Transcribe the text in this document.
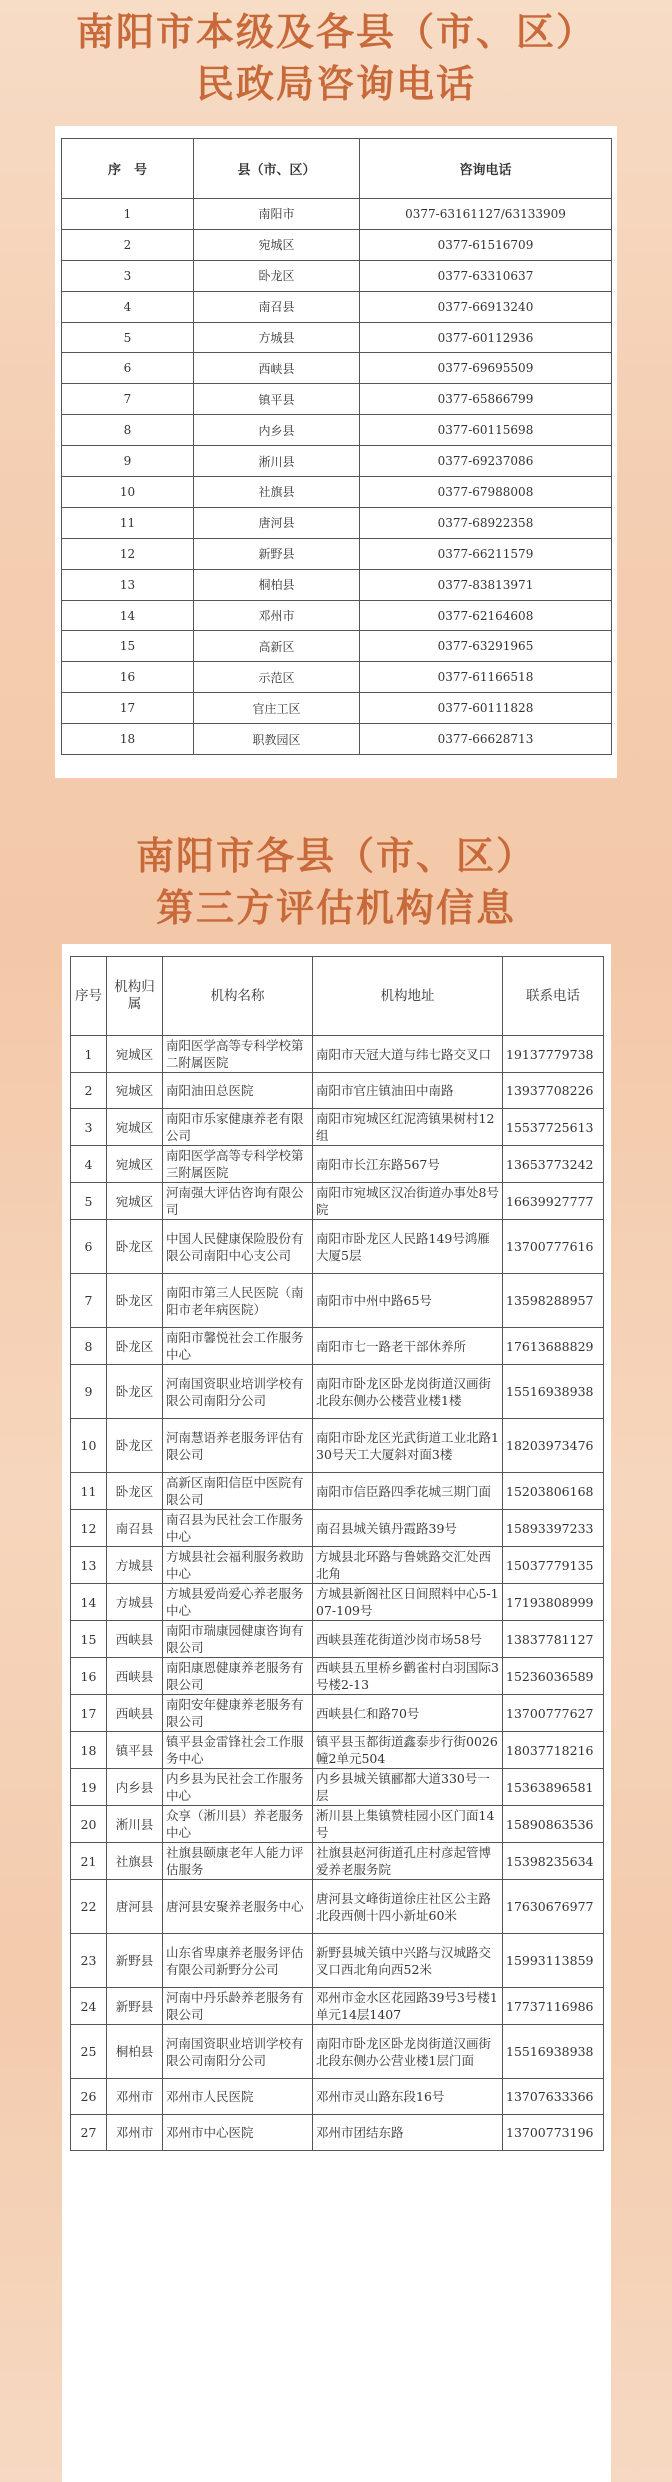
南阳市本级及各县（市、区）
民政局咨询电话
序　号	县（市、区）	咨询电话
1	南阳市	0377-63161127/63133909
2	宛城区	0377-61516709
3	卧龙区	0377-63310637
4	南召县	0377-66913240
5	方城县	0377-60112936
6	西峡县	0377-69695509
7	镇平县	0377-65866799
8	内乡县	0377-60115698
9	淅川县	0377-69237086
10	社旗县	0377-67988008
11	唐河县	0377-68922358
12	新野县	0377-66211579
13	桐柏县	0377-83813971
14	邓州市	0377-62164608
15	高新区	0377-63291965
16	示范区	0377-61166518
17	官庄工区	0377-60111828
18	职教园区	0377-66628713
南阳市各县（市、区）
第三方评估机构信息
序号	机构归属	机构名称	机构地址	联系电话
1	宛城区	南阳医学高等专科学校第二附属医院	南阳市天冠大道与纬七路交叉口	19137779738
2	宛城区	南阳油田总医院	南阳市官庄镇油田中南路	13937708226
3	宛城区	南阳市乐家健康养老有限公司	南阳市宛城区红泥湾镇果树村12组	15537725613
4	宛城区	南阳医学高等专科学校第三附属医院	南阳市长江东路567号	13653773242
5	宛城区	河南强大评估咨询有限公司	南阳市宛城区汉冶街道办事处8号院	16639927777
6	卧龙区	中国人民健康保险股份有限公司南阳中心支公司	南阳市卧龙区人民路149号鸿雁大厦5层	13700777616
7	卧龙区	南阳市第三人民医院（南阳市老年病医院）	南阳市中州中路65号	13598288957
8	卧龙区	南阳市馨悦社会工作服务中心	南阳市七一路老干部休养所	17613688829
9	卧龙区	河南国资职业培训学校有限公司南阳分公司	南阳市卧龙区卧龙岗街道汉画街北段东侧办公楼营业楼1楼	15516938938
10	卧龙区	河南慧语养老服务评估有限公司	南阳市卧龙区光武街道工业北路130号天工大厦斜对面3楼	18203973476
11	卧龙区	高新区南阳信臣中医院有限公司	南阳市信臣路四季花城三期门面	15203806168
12	南召县	南召县为民社会工作服务中心	南召县城关镇丹霞路39号	15893397233
13	方城县	方城县社会福利服务救助中心	方城县北环路与鲁姚路交汇处西北角	15037779135
14	方城县	方城县爱尚爱心养老服务中心	方城县新阁社区日间照料中心5-107-109号	17193808999
15	西峡县	南阳市瑞康园健康咨询有限公司	西峡县莲花街道沙岗市场58号	13837781127
16	西峡县	南阳康恩健康养老服务有限公司	西峡县五里桥乡鹳雀村白羽国际3号楼2-13	15236036589
17	西峡县	南阳安年健康养老服务有限公司	西峡县仁和路70号	13700777627
18	镇平县	镇平县金雷锋社会工作服务中心	镇平县玉都街道鑫泰步行街0026幢2单元504	18037718216
19	内乡县	内乡县为民社会工作服务中心	内乡县城关镇郦都大道330号一层	15363896581
20	淅川县	众享（淅川县）养老服务中心	淅川县上集镇赞桂园小区门面14号	15890863536
21	社旗县	社旗县颐康老年人能力评估服务	社旗县赵河街道孔庄村彦起管博爱养老服务院	15398235634
22	唐河县	唐河县安聚养老服务中心	唐河县文峰街道徐庄社区公主路北段西侧十四小新址60米	17630676977
23	新野县	山东省卑康养老服务评估有限公司新野分公司	新野县城关镇中兴路与汉城路交叉口西北角向西52米	15993113859
24	新野县	河南中丹乐龄养老服务有限公司	邓州市金水区花园路39号3号楼1单元14层1407	17737116986
25	桐柏县	河南国资职业培训学校有限公司南阳分公司	南阳市卧龙区卧龙岗街道汉画街北段东侧办公营业楼1层门面	15516938938
26	邓州市	邓州市人民医院	邓州市灵山路东段16号	13707633366
27	邓州市	邓州市中心医院	邓州市团结东路	13700773196
